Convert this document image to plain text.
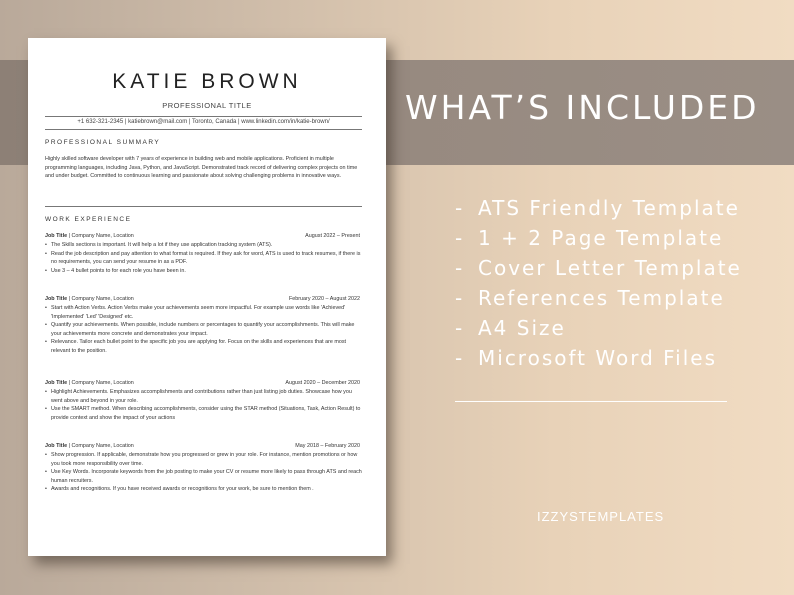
WHAT’S INCLUDED
- ATS Friendly Template
- 1 + 2 Page Template
- Cover Letter Template
- References Template
- A4 Size
- Microsoft Word Files
IZZYSTEMPLATES
KATIE BROWN
PROFESSIONAL TITLE
+1 632-321-2345 | katiebrown@mail.com | Toronto, Canada | www.linkedin.com/in/katie-brown/
PROFESSIONAL SUMMARY
Highly skilled software developer with 7 years of experience in building web and mobile applications. Proficient in multiple programming languages, including Java, Python, and JavaScript. Demonstrated track record of delivering complex projects on time and under budget. Committed to continuous learning and passionate about solving challenging problems in innovative ways.
WORK EXPERIENCE
Job Title | Company Name, Location	August 2022 – Present
• The Skills sections is important. It will help a lot if they use application tracking system (ATS).
• Read the job description and pay attention to what format is required. If they ask for word, ATS is used to track resumes, if there is no requirements, you can send your resume in as a PDF.
• Use 3 – 4 bullet points to for each role you have been in.
Job Title | Company Name, Location	February 2020 – August 2022
• Start with Action Verbs. Action Verbs make your achievements seem more impactful. For example use words like 'Achieved' 'Implemented' 'Led' 'Designed' etc.
• Quantify your achievements. When possible, include numbers or percentages to quantify your accomplishments. This will make your achievements more concrete and demonstrates your impact.
• Relevance. Tailor each bullet point to the specific job you are applying for. Focus on the skills and experiences that are most relevant to the position.
Job Title | Company Name, Location	August 2020 – December 2020
• Highlight Achievements. Emphasizes accomplishments and contributions rather than just listing job duties. Showcase how you went above and beyond in your role.
• Use the SMART method. When describing accomplishments, consider using the STAR method (Situations, Task, Action Result) to provide context and show the impact of your actions
Job Title | Company Name, Location	May 2018 – February 2020
• Show progression. If applicable, demonstrate how you progressed or grew in your role. For instance, mention promotions or how you took more responsibility over time.
• Use Key Words. Incorporate keywords from the job posting to make your CV or resume more likely to pass through ATS and reach human recruiters.
• Awards and recognitions. If you have received awards or recognitions for your work, be sure to mention them .
